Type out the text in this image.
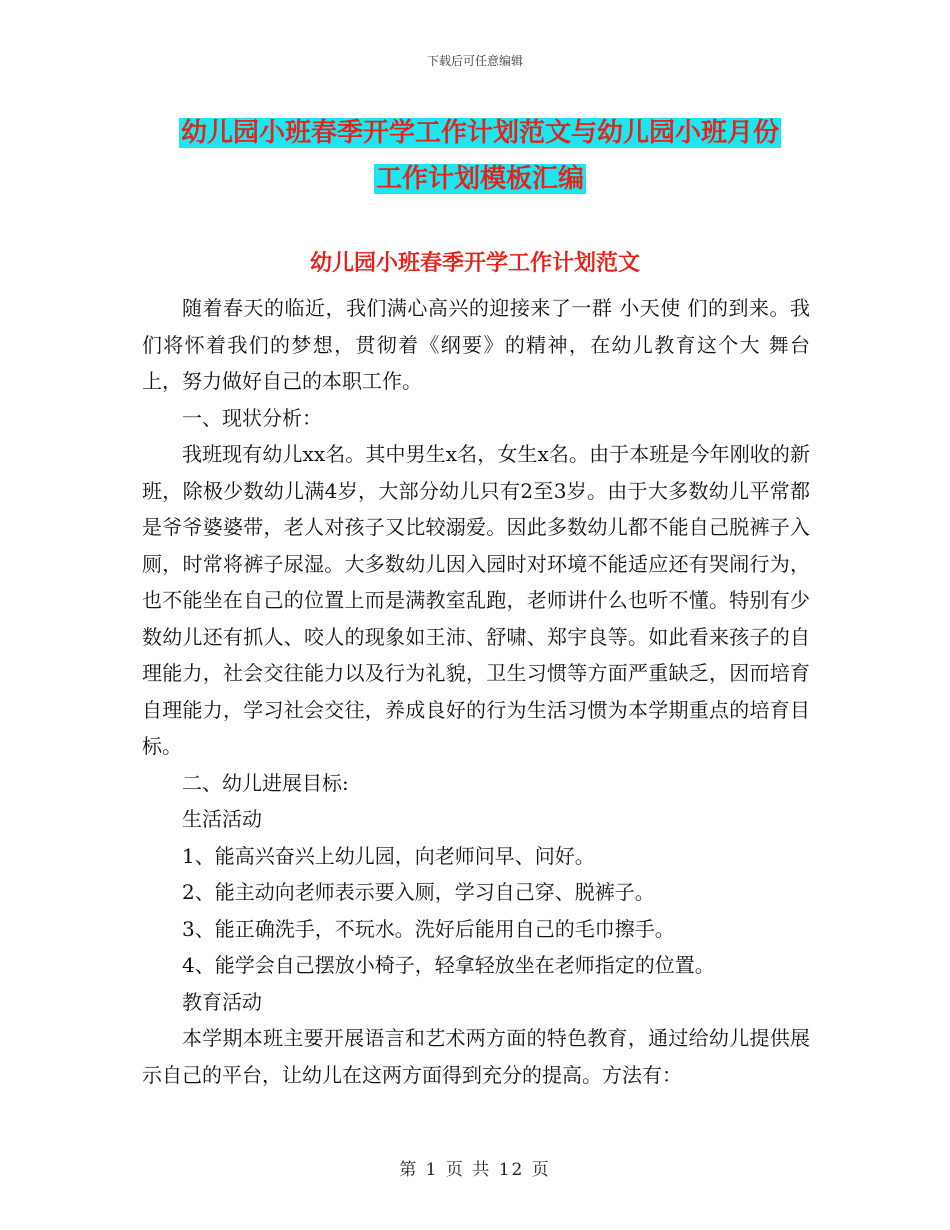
下载后可任意编辑
幼儿园小班春季开学工作计划范文与幼儿园小班月份
工作计划模板汇编
幼儿园小班春季开学工作计划范文

随着春天的临近，我们满心高兴的迎接来了一群 小天使 们的到来。我们将怀着我们的梦想，贯彻着《纲要》的精神，在幼儿教育这个大 舞台 上，努力做好自己的本职工作。

一、现状分析：

我班现有幼儿xx名。其中男生x名，女生x名。由于本班是今年刚收的新班，除极少数幼儿满4岁，大部分幼儿只有2至3岁。由于大多数幼儿平常都是爷爷婆婆带，老人对孩子又比较溺爱。因此多数幼儿都不能自己脱裤子入厕，时常将裤子尿湿。大多数幼儿因入园时对环境不能适应还有哭闹行为，也不能坐在自己的位置上而是满教室乱跑，老师讲什么也听不懂。特别有少数幼儿还有抓人、咬人的现象如王沛、舒啸、郑宇良等。如此看来孩子的自理能力，社会交往能力以及行为礼貌，卫生习惯等方面严重缺乏，因而培育自理能力，学习社会交往，养成良好的行为生活习惯为本学期重点的培育目标。

二、幼儿进展目标:

生活活动

1、能高兴奋兴上幼儿园，向老师问早、问好。

2、能主动向老师表示要入厕，学习自己穿、脱裤子。

3、能正确洗手，不玩水。洗好后能用自己的毛巾擦手。

4、能学会自己摆放小椅子，轻拿轻放坐在老师指定的位置。

教育活动

本学期本班主要开展语言和艺术两方面的特色教育，通过给幼儿提供展示自己的平台，让幼儿在这两方面得到充分的提高。方法有：

第 1 页 共 12 页
